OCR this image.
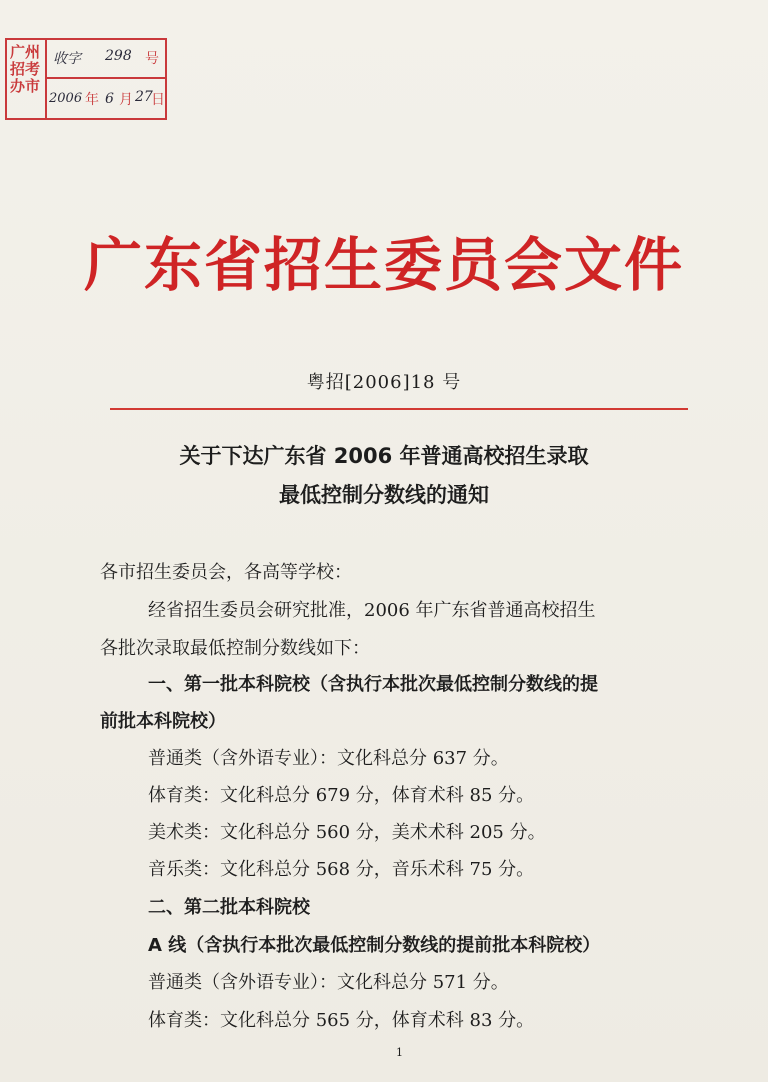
广州招考办市
收字 298 号
2006 年 6 月 27
日
广东省招生委员会文件
粤招[2006]18 号
关于下达广东省 2006 年普通高校招生录取
最低控制分数线的通知
各市招生委员会，各高等学校：
经省招生委员会研究批准，2006 年广东省普通高校招生
各批次录取最低控制分数线如下：
一、第一批本科院校（含执行本批次最低控制分数线的提
前批本科院校）
普通类（含外语专业）：文化科总分 637 分。
体育类：文化科总分 679 分，体育术科 85 分。
美术类：文化科总分 560 分，美术术科 205 分。
音乐类：文化科总分 568 分，音乐术科 75 分。
二、第二批本科院校
A 线（含执行本批次最低控制分数线的提前批本科院校）
普通类（含外语专业）：文化科总分 571 分。
体育类：文化科总分 565 分，体育术科 83 分。
1
